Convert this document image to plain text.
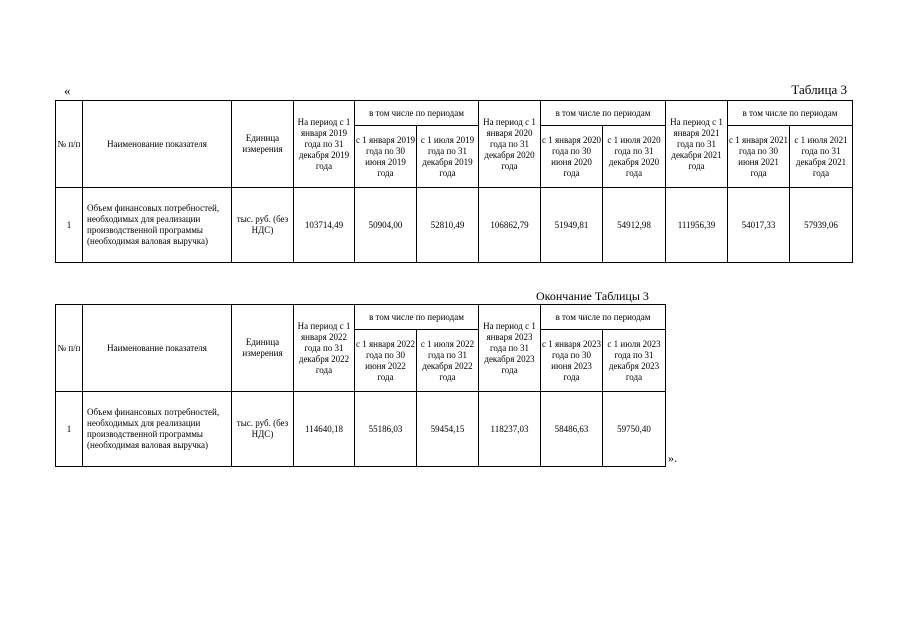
«	Таблица 3
№ п/п	Наименование показателя	Единица измерения	На период с 1 января 2019 года по 31 декабря 2019 года	в том числе по периодам		На период с 1 января 2020 года по 31 декабря 2020 года	в том числе по периодам		На период с 1 января 2021 года по 31 декабря 2021 года	в том числе по периодам	
				с 1 января 2019 года по 30 июня 2019 года	с 1 июля 2019 года по 31 декабря 2019 года		с 1 января 2020 года по 30 июня 2020 года	с 1 июля 2020 года по 31 декабря 2020 года		с 1 января 2021 года по 30 июня 2021 года	с 1 июля 2021 года по 31 декабря 2021 года
1	Объем финансовых потребностей, необходимых для реализации производственной программы (необходимая валовая выручка)	тыс. руб. (без НДС)	103714,49	50904,00	52810,49	106862,79	51949,81	54912,98	111956,39	54017,33	57939,06
Окончание Таблицы 3
№ п/п	Наименование показателя	Единица измерения	На период с 1 января 2022 года по 31 декабря 2022 года	в том числе по периодам		На период с 1 января 2023 года по 31 декабря 2023 года	в том числе по периодам	
				с 1 января 2022 года по 30 июня 2022 года	с 1 июля 2022 года по 31 декабря 2022 года		с 1 января 2023 года по 30 июня 2023 года	с 1 июля 2023 года по 31 декабря 2023 года
1	Объем финансовых потребностей, необходимых для реализации производственной программы (необходимая валовая выручка)	тыс. руб. (без НДС)	114640,18	55186,03	59454,15	118237,03	58486,63	59750,40
».
